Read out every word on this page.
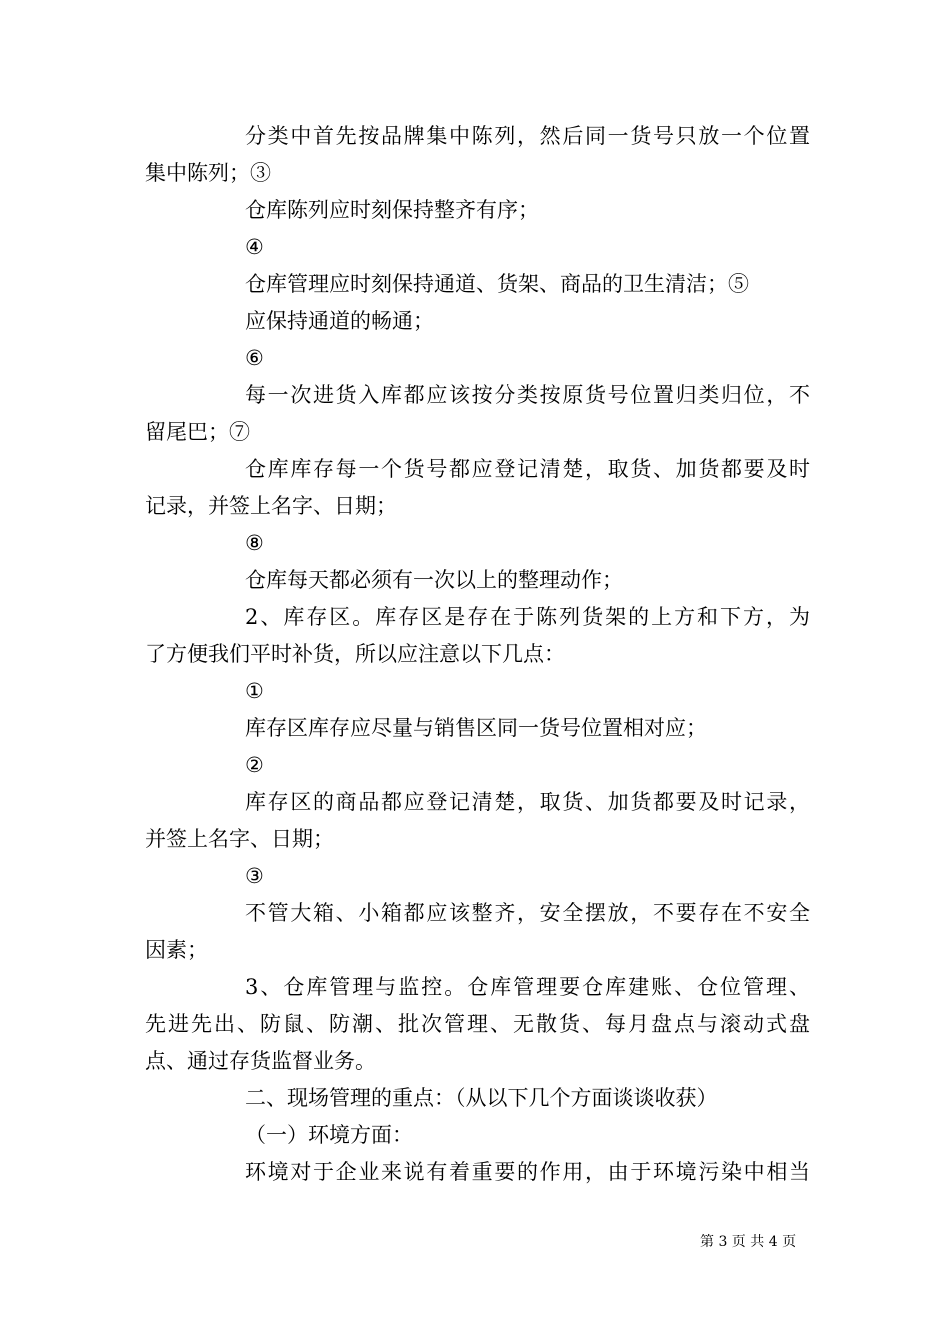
分类中首先按品牌集中陈列，然后同一货号只放一个位置
集中陈列；③
仓库陈列应时刻保持整齐有序；
④
仓库管理应时刻保持通道、货架、商品的卫生清洁；⑤
应保持通道的畅通；
⑥
每一次进货入库都应该按分类按原货号位置归类归位，不
留尾巴；⑦
仓库库存每一个货号都应登记清楚，取货、加货都要及时
记录，并签上名字、日期；
⑧
仓库每天都必须有一次以上的整理动作；
2、库存区。库存区是存在于陈列货架的上方和下方，为
了方便我们平时补货，所以应注意以下几点：
①
库存区库存应尽量与销售区同一货号位置相对应；
②
库存区的商品都应登记清楚，取货、加货都要及时记录，
并签上名字、日期；
③
不管大箱、小箱都应该整齐，安全摆放，不要存在不安全
因素；
3、仓库管理与监控。仓库管理要仓库建账、仓位管理、
先进先出、防鼠、防潮、批次管理、无散货、每月盘点与滚动式盘
点、通过存货监督业务。
二、现场管理的重点：（从以下几个方面谈谈收获）
（一）环境方面：
环境对于企业来说有着重要的作用，由于环境污染中相当
第 3 页 共 4 页
